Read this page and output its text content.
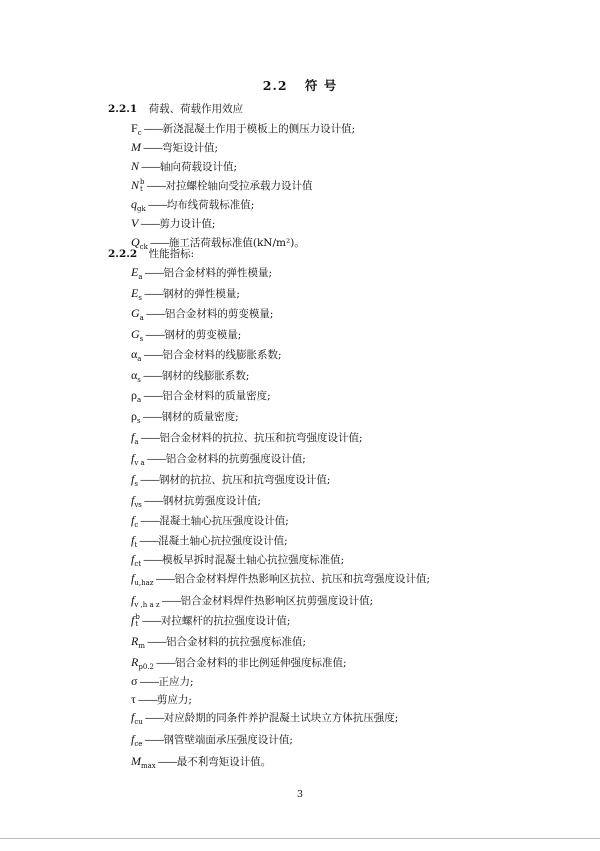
2.2 符 号
2.2.1 荷载、荷载作用效应
2.2.2 性能指标:
$F_c$ ——新浇混凝土作用于模板上的侧压力设计值;
M ——弯矩设计值;
N ——轴向荷载设计值;
N b
t ——对拉螺栓轴向受拉承载力设计值
$q_{gk}$ ——均布线荷载标准值;
V ——剪力设计值;
$Q_{ck}$ ——施工活荷载标准值(kN/m²)。
$E_a$ ——铝合金材料的弹性模量;
$E_s$ ——钢材的弹性模量;
$G_a$ ——铝合金材料的剪变模量;
$G_s$ ——钢材的剪变模量;
$\alpha_a$ ——铝合金材料的线膨胀系数;
$\alpha_s$ ——钢材的线膨胀系数;
$\rho_a$ ——铝合金材料的质量密度;
$\rho_s$ ——钢材的质量密度;
$f_a$ ——铝合金材料的抗拉、抗压和抗弯强度设计值;
$f_{v a}$ ——铝合金材料的抗剪强度设计值;
$f_s$ ——钢材的抗拉、抗压和抗弯强度设计值;
$f_{vs}$ ——钢材抗剪强度设计值;
$f_c$ ——混凝土轴心抗压强度设计值;
$f_t$ ——混凝土轴心抗拉强度设计值;
$f_{ct}$ ——模板早拆时混凝土轴心抗拉强度标准值;
$f_{u,haz}$ ——铝合金材料焊件热影响区抗拉、抗压和抗弯强度设计值;
$f_{v ,h a z}$ ——铝合金材料焊件热影响区抗剪强度设计值;
f b
t ——对拉螺杆的抗拉强度设计值;
$R_m$ ——铝合金材料的抗拉强度标准值;
$R_{p0.2}$ ——铝合金材料的非比例延伸强度标准值;
σ ——正应力;
τ ——剪应力;
$f_{cu}$ ——对应龄期的同条件养护混凝土试块立方体抗压强度;
$f_{ce}$ ——钢管壁端面承压强度设计值;
$M_{max}$ ——最不利弯矩设计值。
3
